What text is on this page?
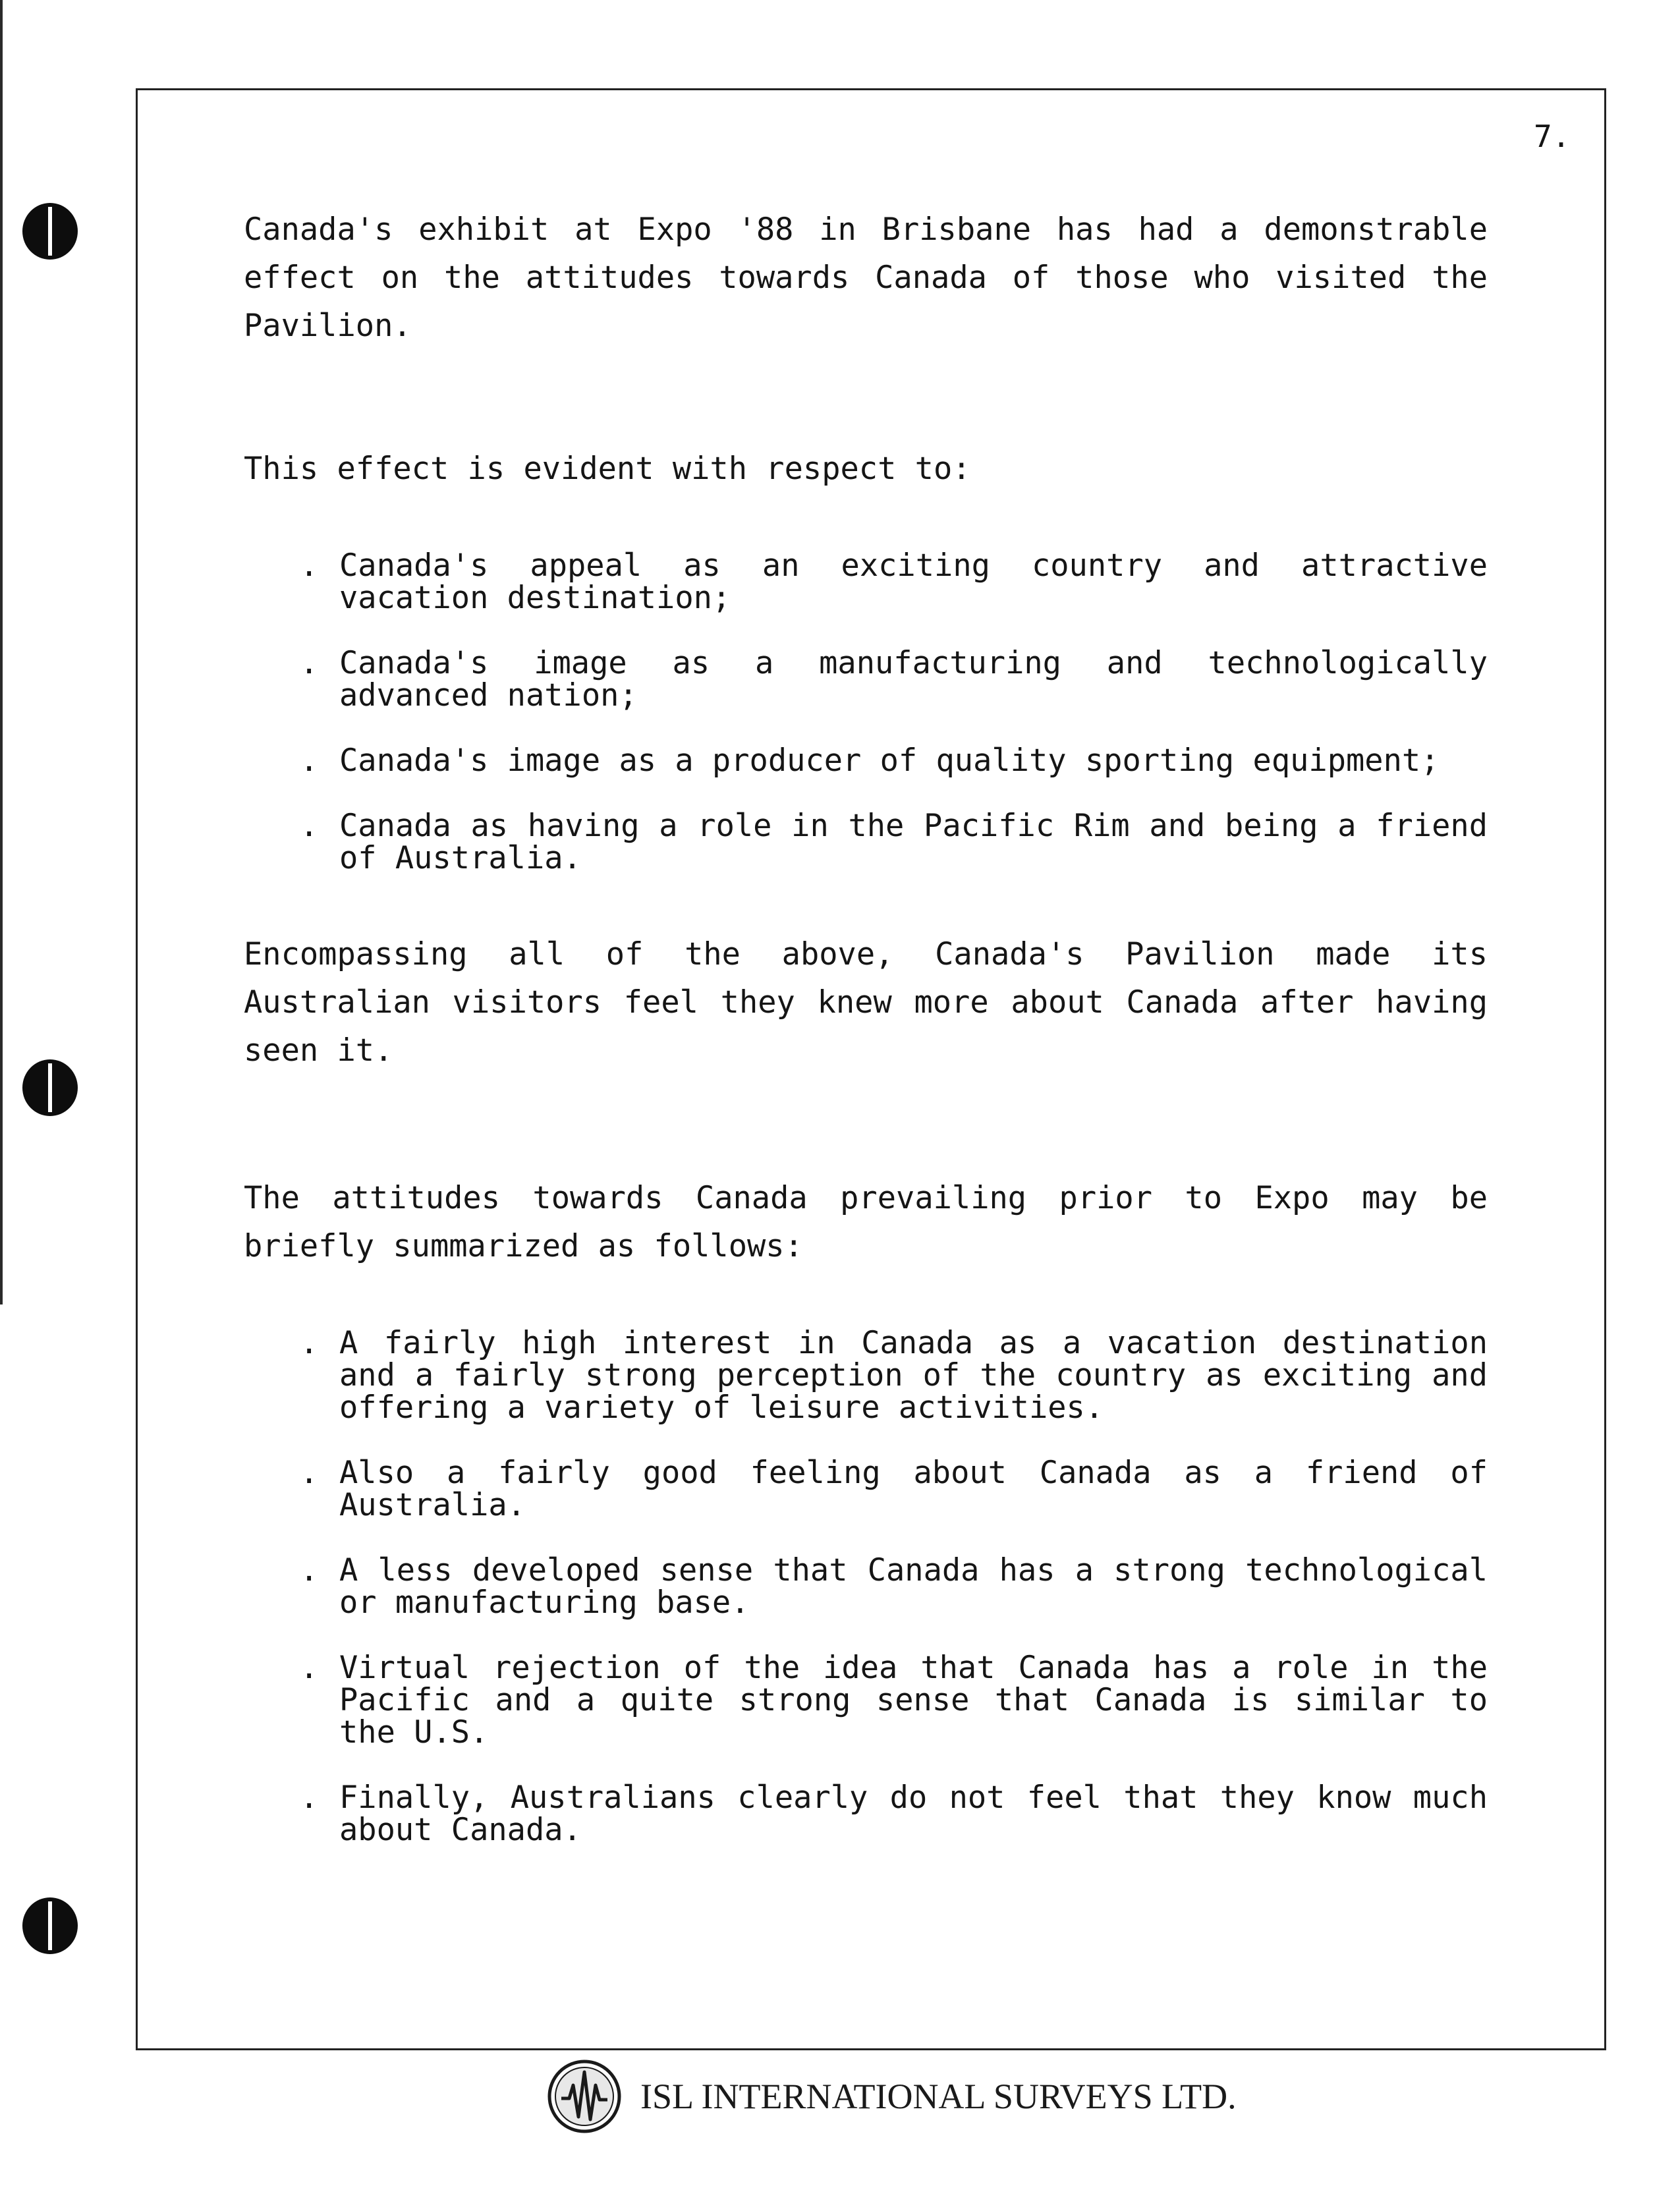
7.

Canada's exhibit at Expo '88 in Brisbane has had a demonstrable effect on the attitudes towards Canada of those who visited the Pavilion.

This effect is evident with respect to:

. Canada's appeal as an exciting country and attractive vacation destination;
. Canada's image as a manufacturing and technologically advanced nation;
. Canada's image as a producer of quality sporting equipment;
. Canada as having a role in the Pacific Rim and being a friend of Australia.

Encompassing all of the above, Canada's Pavilion made its Australian visitors feel they knew more about Canada after having seen it.

The attitudes towards Canada prevailing prior to Expo may be briefly summarized as follows:

. A fairly high interest in Canada as a vacation destination and a fairly strong perception of the country as exciting and offering a variety of leisure activities.
. Also a fairly good feeling about Canada as a friend of Australia.
. A less developed sense that Canada has a strong technological or manufacturing base.
. Virtual rejection of the idea that Canada has a role in the Pacific and a quite strong sense that Canada is similar to the U.S.
. Finally, Australians clearly do not feel that they know much about Canada.
ISL INTERNATIONAL SURVEYS LTD.
